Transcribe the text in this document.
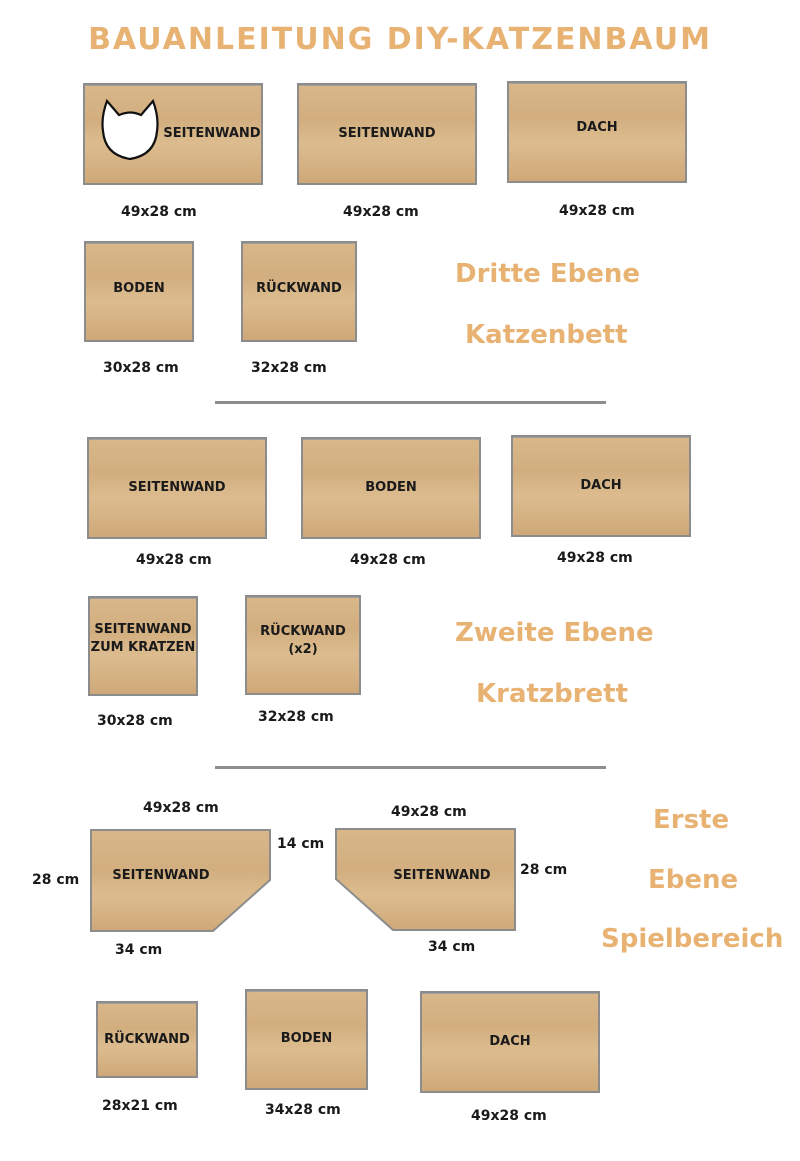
BAUANLEITUNG DIY-KATZENBAUM
SEITENWAND
49x28 cm
SEITENWAND
49x28 cm
DACH
49x28 cm
BODEN
30x28 cm
RÜCKWAND
32x28 cm
Dritte Ebene
Katzenbett
SEITENWAND
49x28 cm
BODEN
49x28 cm
DACH
49x28 cm
SEITENWAND
ZUM KRATZEN
30x28 cm
RÜCKWAND
(x2)
32x28 cm
Zweite Ebene
Kratzbrett
49x28 cm
28 cm
14 cm
34 cm
SEITENWAND
49x28 cm
28 cm
34 cm
SEITENWAND
Erste
Ebene
Spielbereich
RÜCKWAND
28x21 cm
BODEN
34x28 cm
DACH
49x28 cm
